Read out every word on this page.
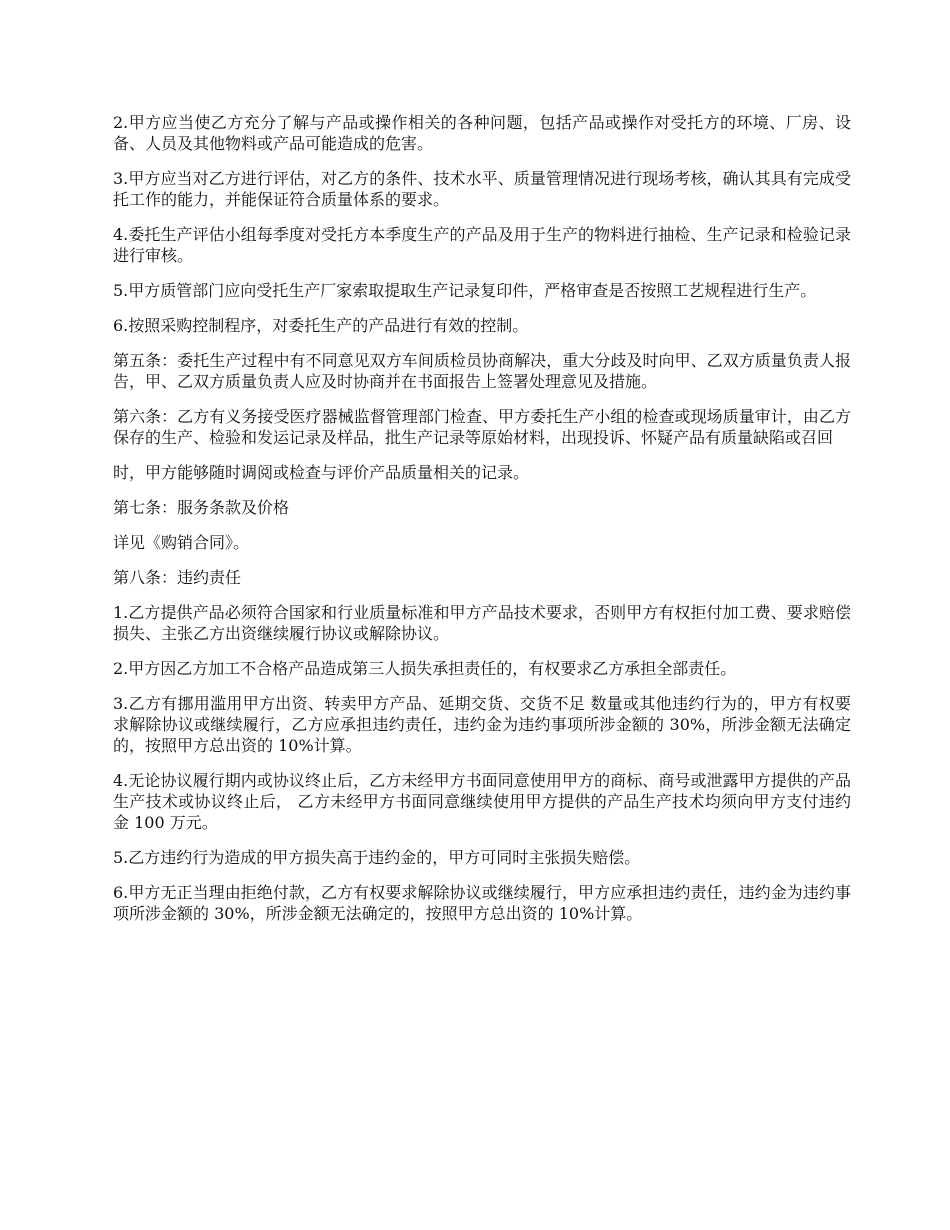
2.甲方应当使乙方充分了解与产品或操作相关的各种问题，包括产品或操作对受托方的环境、厂房、设备、人员及其他物料或产品可能造成的危害。

3.甲方应当对乙方进行评估，对乙方的条件、技术水平、质量管理情况进行现场考核，确认其具有完成受托工作的能力，并能保证符合质量体系的要求。

4.委托生产评估小组每季度对受托方本季度生产的产品及用于生产的物料进行抽检、生产记录和检验记录进行审核。

5.甲方质管部门应向受托生产厂家索取提取生产记录复印件，严格审查是否按照工艺规程进行生产。

6.按照采购控制程序，对委托生产的产品进行有效的控制。

第五条：委托生产过程中有不同意见双方车间质检员协商解决，重大分歧及时向甲、乙双方质量负责人报告，甲、乙双方质量负责人应及时协商并在书面报告上签署处理意见及措施。

第六条：乙方有义务接受医疗器械监督管理部门检查、甲方委托生产小组的检查或现场质量审计，由乙方保存的生产、检验和发运记录及样品，批生产记录等原始材料，出现投诉、怀疑产品有质量缺陷或召回

时，甲方能够随时调阅或检查与评价产品质量相关的记录。

第七条：服务条款及价格

详见《购销合同》。

第八条：违约责任

1.乙方提供产品必须符合国家和行业质量标准和甲方产品技术要求，否则甲方有权拒付加工费、要求赔偿损失、主张乙方出资继续履行协议或解除协议。

2.甲方因乙方加工不合格产品造成第三人损失承担责任的，有权要求乙方承担全部责任。

3.乙方有挪用滥用甲方出资、转卖甲方产品、延期交货、交货不足 数量或其他违约行为的，甲方有权要求解除协议或继续履行，乙方应承担违约责任，违约金为违约事项所涉金额的 30%，所涉金额无法确定的，按照甲方总出资的 10%计算。

4.无论协议履行期内或协议终止后，乙方未经甲方书面同意使用甲方的商标、商号或泄露甲方提供的产品生产技术或协议终止后， 乙方未经甲方书面同意继续使用甲方提供的产品生产技术均须向甲方支付违约金 100 万元。

5.乙方违约行为造成的甲方损失高于违约金的，甲方可同时主张损失赔偿。

6.甲方无正当理由拒绝付款，乙方有权要求解除协议或继续履行，甲方应承担违约责任，违约金为违约事项所涉金额的 30%，所涉金额无法确定的，按照甲方总出资的 10%计算。
